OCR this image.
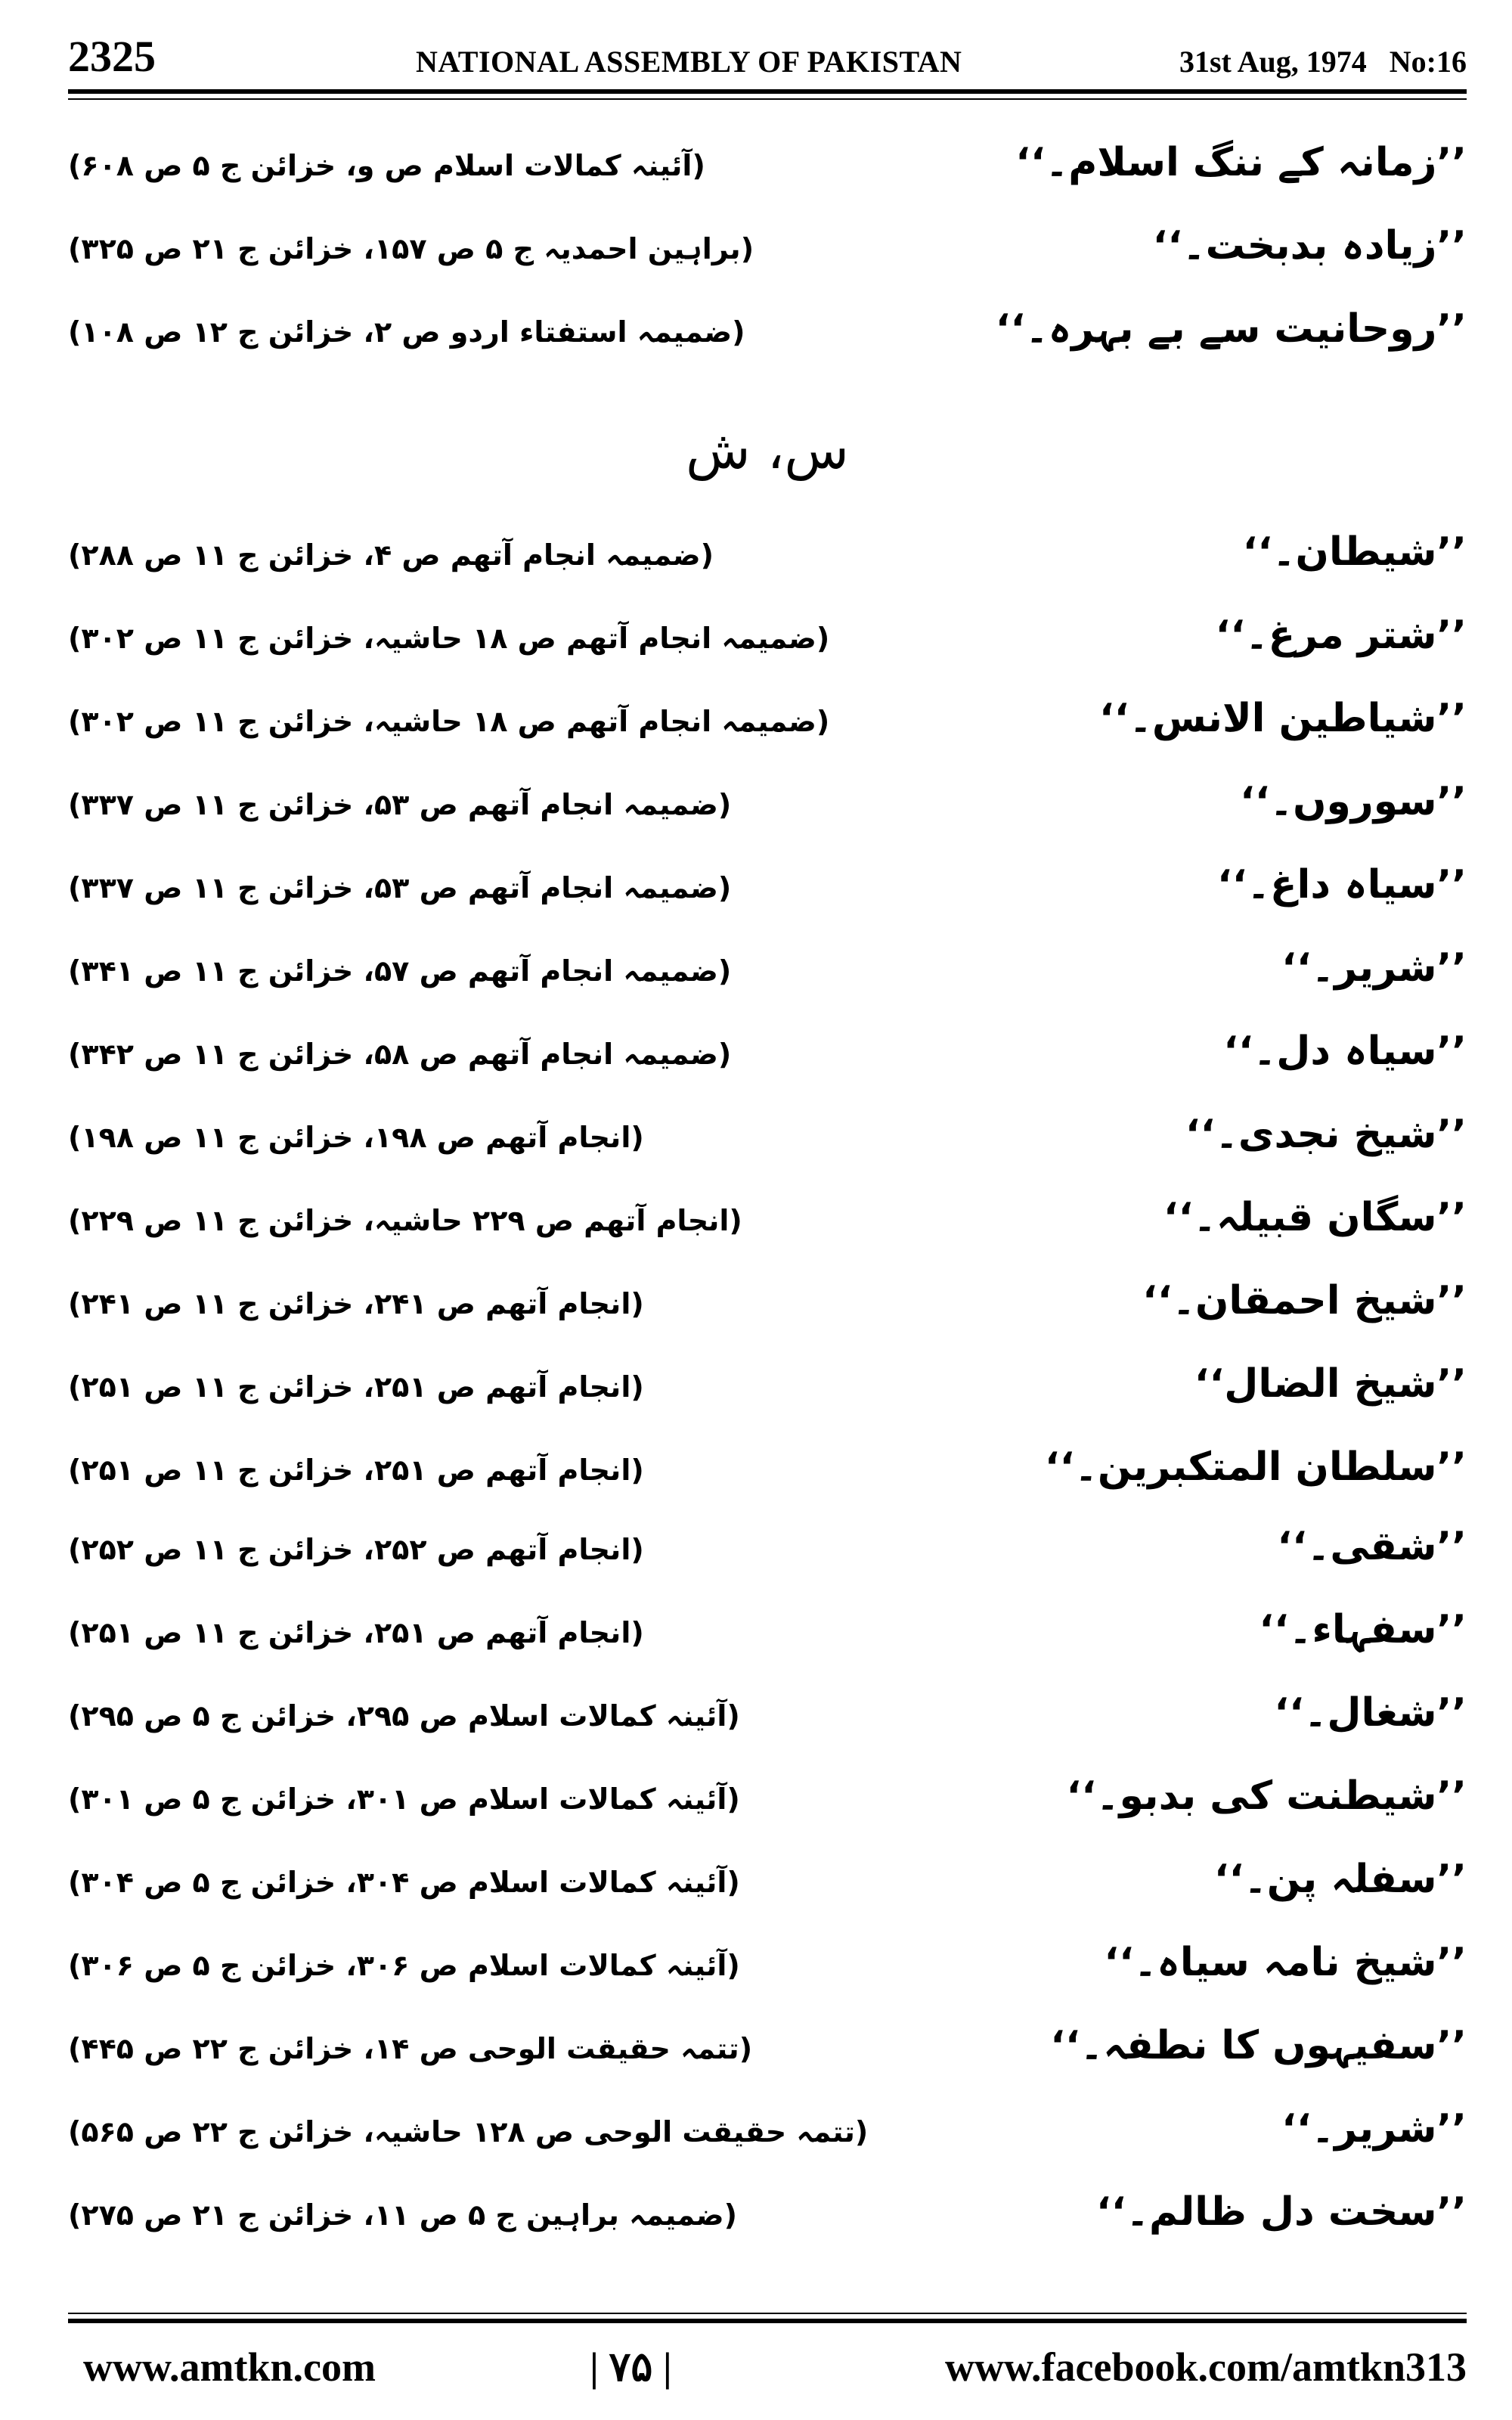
2325	NATIONAL ASSEMBLY OF PAKISTAN	31st Aug, 1974   No:16
’’زمانہ کے ننگ اسلام۔‘‘
(آئینہ کمالات اسلام ص و، خزائن ج ۵ ص ۶۰۸)
’’زیادہ بدبخت۔‘‘
(براہین احمدیہ ج ۵ ص ۱۵۷، خزائن ج ۲۱ ص ۳۲۵)
’’روحانیت سے بے بہرہ۔‘‘
(ضمیمہ استفتاء اردو ص ۲، خزائن ج ۱۲ ص ۱۰۸)
س، ش
’’شیطان۔‘‘
(ضمیمہ انجام آتھم ص ۴، خزائن ج ۱۱ ص ۲۸۸)
’’شتر مرغ۔‘‘
(ضمیمہ انجام آتھم ص ۱۸ حاشیہ، خزائن ج ۱۱ ص ۳۰۲)
’’شیاطین الانس۔‘‘
(ضمیمہ انجام آتھم ص ۱۸ حاشیہ، خزائن ج ۱۱ ص ۳۰۲)
’’سوروں۔‘‘
(ضمیمہ انجام آتھم ص ۵۳، خزائن ج ۱۱ ص ۳۳۷)
’’سیاہ داغ۔‘‘
(ضمیمہ انجام آتھم ص ۵۳، خزائن ج ۱۱ ص ۳۳۷)
’’شریر۔‘‘
(ضمیمہ انجام آتھم ص ۵۷، خزائن ج ۱۱ ص ۳۴۱)
’’سیاہ دل۔‘‘
(ضمیمہ انجام آتھم ص ۵۸، خزائن ج ۱۱ ص ۳۴۲)
’’شیخ نجدی۔‘‘
(انجام آتھم ص ۱۹۸، خزائن ج ۱۱ ص ۱۹۸)
’’سگان قبیلہ۔‘‘
(انجام آتھم ص ۲۲۹ حاشیہ، خزائن ج ۱۱ ص ۲۲۹)
’’شیخ احمقان۔‘‘
(انجام آتھم ص ۲۴۱، خزائن ج ۱۱ ص ۲۴۱)
’’شیخ الضال‘‘
(انجام آتھم ص ۲۵۱، خزائن ج ۱۱ ص ۲۵۱)
’’سلطان المتکبرین۔‘‘
(انجام آتھم ص ۲۵۱، خزائن ج ۱۱ ص ۲۵۱)
’’شقی۔‘‘
(انجام آتھم ص ۲۵۲، خزائن ج ۱۱ ص ۲۵۲)
’’سفہاء۔‘‘
(انجام آتھم ص ۲۵۱، خزائن ج ۱۱ ص ۲۵۱)
’’شغال۔‘‘
(آئینہ کمالات اسلام ص ۲۹۵، خزائن ج ۵ ص ۲۹۵)
’’شیطنت کی بدبو۔‘‘
(آئینہ کمالات اسلام ص ۳۰۱، خزائن ج ۵ ص ۳۰۱)
’’سفلہ پن۔‘‘
(آئینہ کمالات اسلام ص ۳۰۴، خزائن ج ۵ ص ۳۰۴)
’’شیخ نامہ سیاہ۔‘‘
(آئینہ کمالات اسلام ص ۳۰۶، خزائن ج ۵ ص ۳۰۶)
’’سفیہوں کا نطفہ۔‘‘
(تتمہ حقیقت الوحی ص ۱۴، خزائن ج ۲۲ ص ۴۴۵)
’’شریر۔‘‘
(تتمہ حقیقت الوحی ص ۱۲۸ حاشیہ، خزائن ج ۲۲ ص ۵۶۵)
’’سخت دل ظالم۔‘‘
(ضمیمہ براہین ج ۵ ص ۱۱، خزائن ج ۲۱ ص ۲۷۵)
www.amtkn.com	| ۷۵ |	www.facebook.com/amtkn313
